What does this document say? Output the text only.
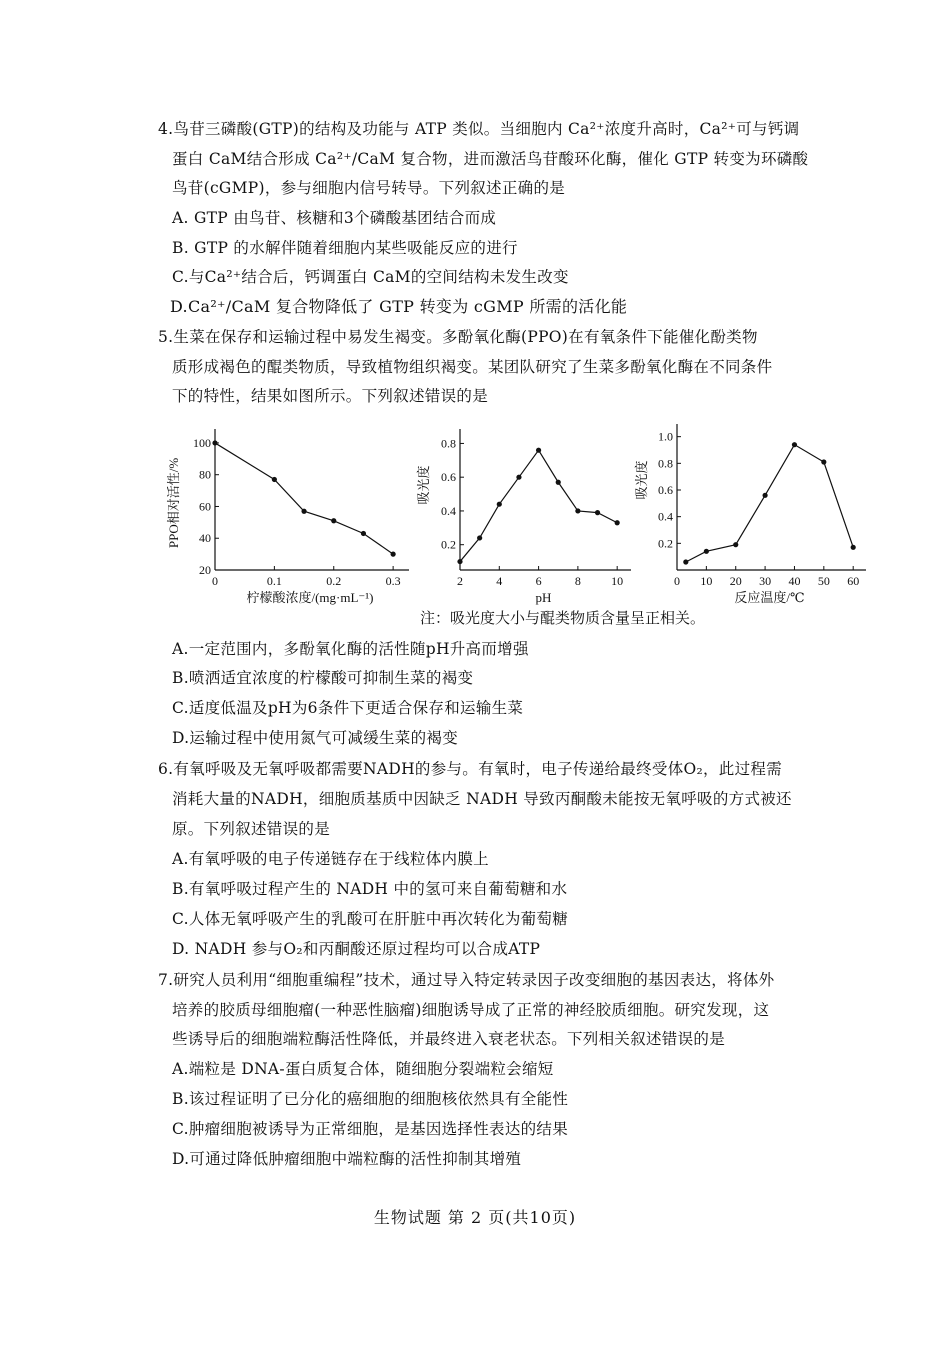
4.鸟苷三磷酸(GTP)的结构及功能与 ATP 类似。当细胞内 Ca²⁺浓度升高时，Ca²⁺可与钙调
蛋白 CaM结合形成 Ca²⁺/CaM 复合物，进而激活鸟苷酸环化酶，催化 GTP 转变为环磷酸
鸟苷(cGMP)，参与细胞内信号转导。下列叙述正确的是
A. GTP 由鸟苷、核糖和3个磷酸基团结合而成
B. GTP 的水解伴随着细胞内某些吸能反应的进行
C.与Ca²⁺结合后，钙调蛋白 CaM的空间结构未发生改变
D.Ca²⁺/CaM 复合物降低了 GTP 转变为 cGMP 所需的活化能
5.生菜在保存和运输过程中易发生褐变。多酚氧化酶(PPO)在有氧条件下能催化酚类物
质形成褐色的醌类物质，导致植物组织褐变。某团队研究了生菜多酚氧化酶在不同条件
下的特性，结果如图所示。下列叙述错误的是
0	0.1	0.2	0.3
20
40
60
80
100
柠檬酸浓度/(mg·mL⁻¹)
PPO相对活性/%
2	4	6	8	10
0.2
0.4
0.6
0.8
pH
吸光度
0 10 20 30 40 50 60
0.2
0.4
0.6
0.8
1.0
反应温度/℃
吸光度
注：吸光度大小与醌类物质含量呈正相关。
A.一定范围内，多酚氧化酶的活性随pH升高而增强
B.喷洒适宜浓度的柠檬酸可抑制生菜的褐变
C.适度低温及pH为6条件下更适合保存和运输生菜
D.运输过程中使用氮气可减缓生菜的褐变
6.有氧呼吸及无氧呼吸都需要NADH的参与。有氧时，电子传递给最终受体O₂，此过程需
消耗大量的NADH，细胞质基质中因缺乏 NADH 导致丙酮酸未能按无氧呼吸的方式被还
原。下列叙述错误的是
A.有氧呼吸的电子传递链存在于线粒体内膜上
B.有氧呼吸过程产生的 NADH 中的氢可来自葡萄糖和水
C.人体无氧呼吸产生的乳酸可在肝脏中再次转化为葡萄糖
D. NADH 参与O₂和丙酮酸还原过程均可以合成ATP
7.研究人员利用“细胞重编程”技术，通过导入特定转录因子改变细胞的基因表达，将体外
培养的胶质母细胞瘤(一种恶性脑瘤)细胞诱导成了正常的神经胶质细胞。研究发现，这
些诱导后的细胞端粒酶活性降低，并最终进入衰老状态。下列相关叙述错误的是
A.端粒是 DNA-蛋白质复合体，随细胞分裂端粒会缩短
B.该过程证明了已分化的癌细胞的细胞核依然具有全能性
C.肿瘤细胞被诱导为正常细胞，是基因选择性表达的结果
D.可通过降低肿瘤细胞中端粒酶的活性抑制其增殖
生物试题 第 2 页(共10页)
